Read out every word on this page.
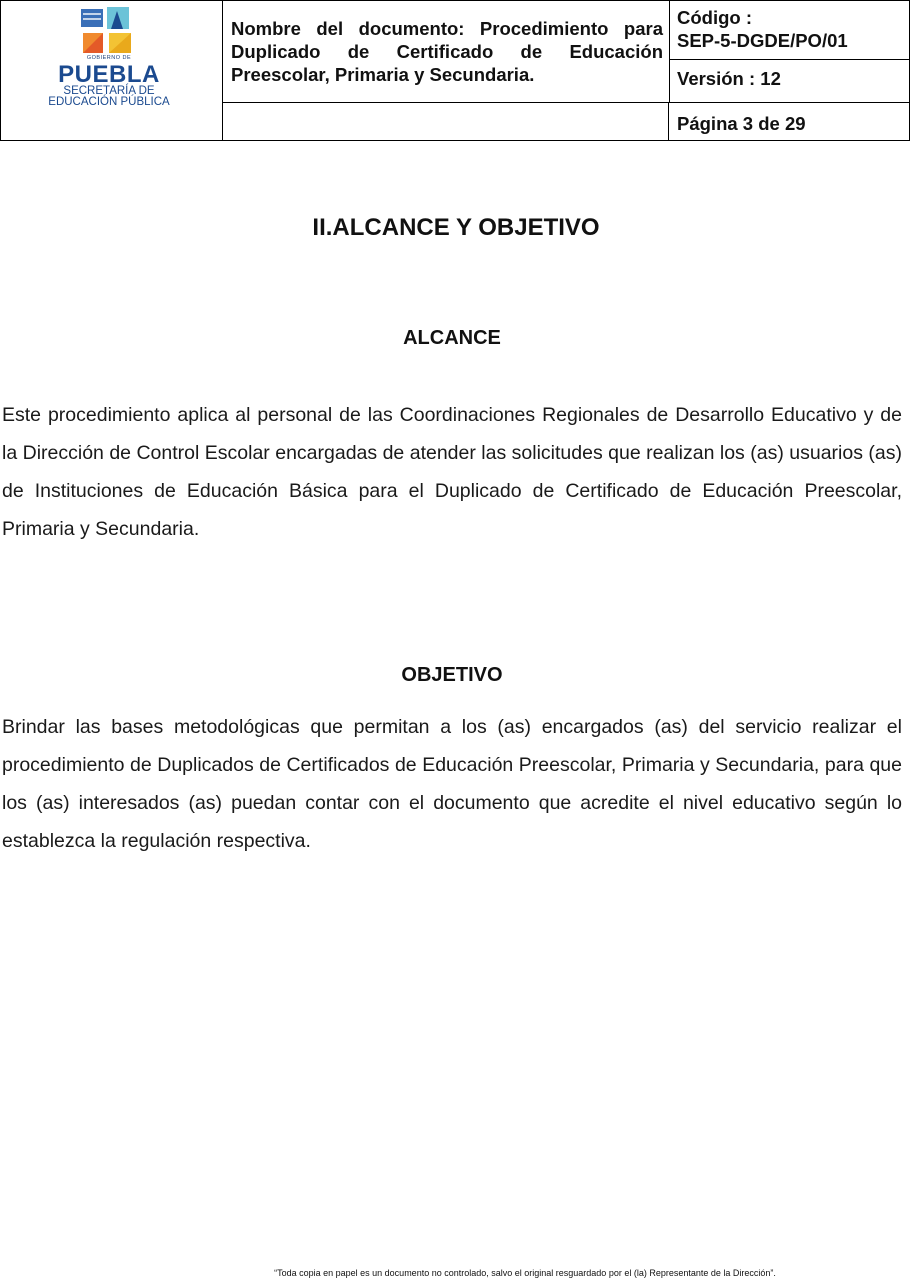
GOBIERNO DE
PUEBLA
SECRETARÍA DE
EDUCACIÓN PÚBLICA

Nombre del documento: Procedimiento para Duplicado de Certificado de Educación Preescolar, Primaria y Secundaria.

Código :
SEP-5-DGDE/PO/01
Versión : 12
Página 3 de 29
II.ALCANCE Y OBJETIVO
ALCANCE

Este procedimiento aplica al personal de las Coordinaciones Regionales de Desarrollo Educativo y de la Dirección de Control Escolar encargadas de atender las solicitudes que realizan los (as) usuarios (as) de Instituciones de Educación Básica para el Duplicado de Certificado de Educación Preescolar, Primaria y Secundaria.

OBJETIVO

Brindar las bases metodológicas que permitan a los (as) encargados (as) del servicio realizar el procedimiento de Duplicados de Certificados de Educación Preescolar, Primaria y Secundaria, para que los (as) interesados (as) puedan contar con el documento que acredite el nivel educativo según lo establezca la regulación respectiva.

“Toda copia en papel es un documento no controlado, salvo el original resguardado por el (la) Representante de la Dirección”.
